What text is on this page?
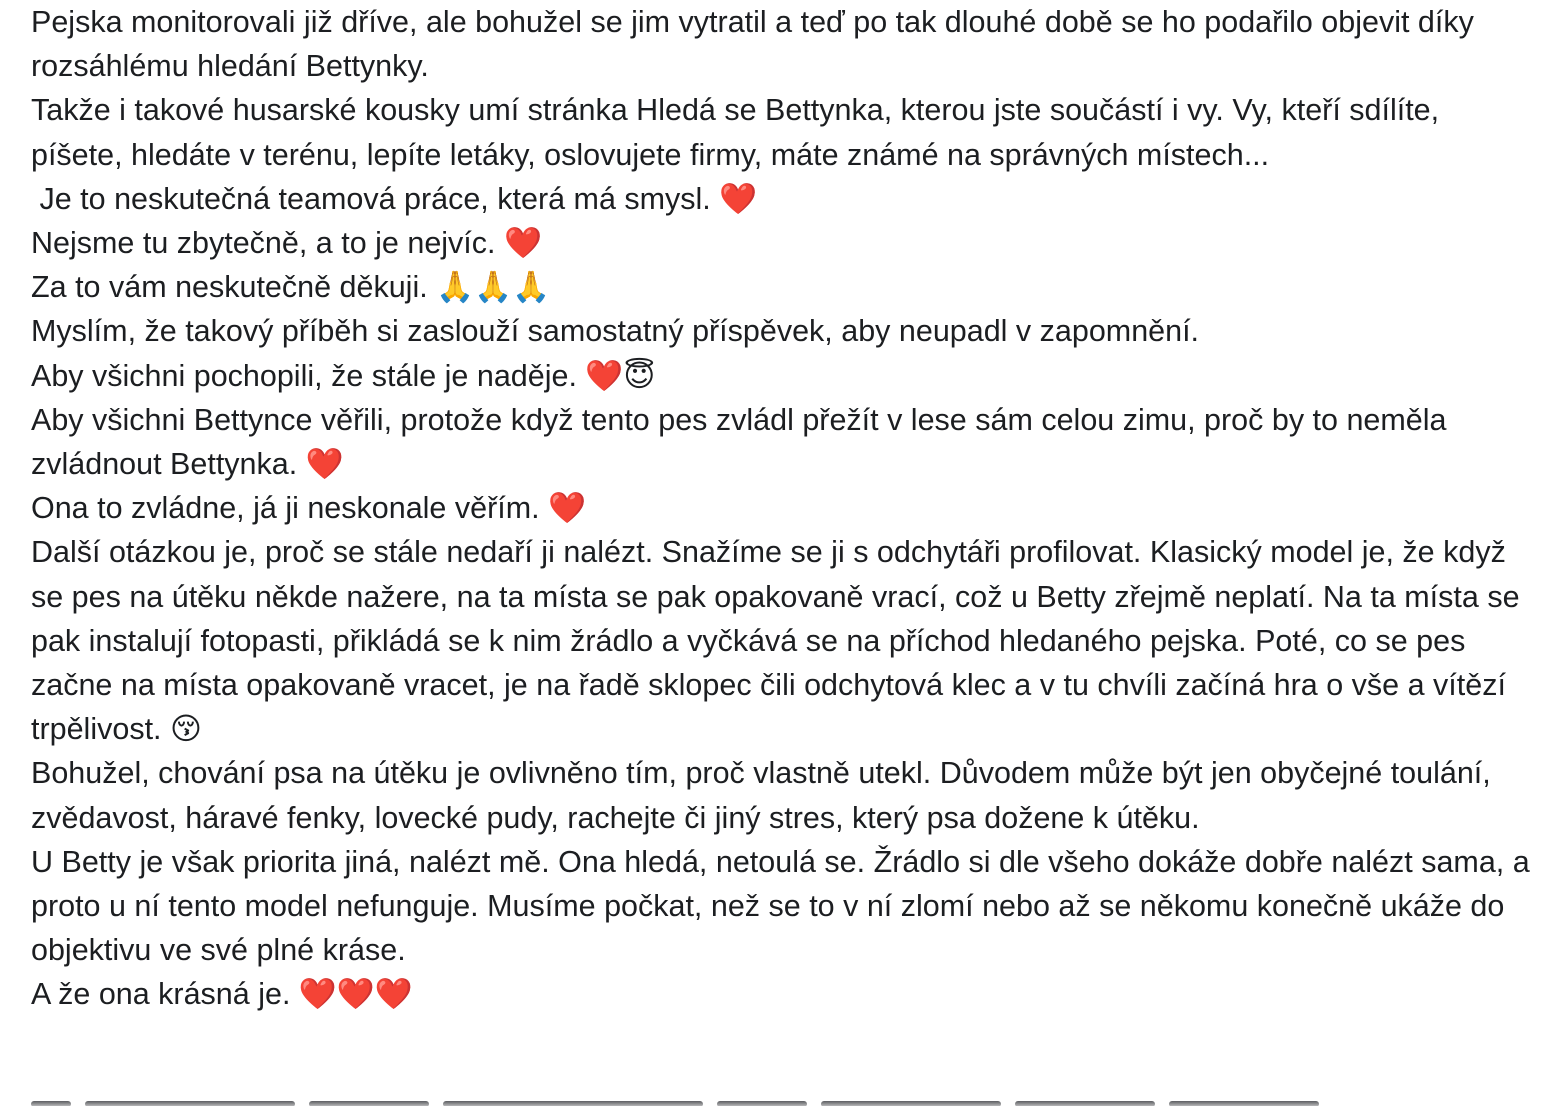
Pejska monitorovali již dříve, ale bohužel se jim vytratil a teď po tak dlouhé době se ho podařilo objevit díky rozsáhlému hledání Bettynky.

Takže i takové husarské kousky umí stránka Hledá se Bettynka, kterou jste součástí i vy. Vy, kteří sdílíte, píšete, hledáte v terénu, lepíte letáky, oslovujete firmy, máte známé na správných místech...

Je to neskutečná teamová práce, která má smysl. ❤️

Nejsme tu zbytečně, a to je nejvíc. ❤️

Za to vám neskutečně děkuji. 🙏🙏🙏

Myslím, že takový příběh si zaslouží samostatný příspěvek, aby neupadl v zapomnění.

Aby všichni pochopili, že stále je naděje. ❤️😇

Aby všichni Bettynce věřili, protože když tento pes zvládl přežít v lese sám celou zimu, proč by to neměla zvládnout Bettynka. ❤️

Ona to zvládne, já ji neskonale věřím. ❤️

Další otázkou je, proč se stále nedaří ji nalézt. Snažíme se ji s odchytáři profilovat. Klasický model je, že když se pes na útěku někde nažere, na ta místa se pak opakovaně vrací, což u Betty zřejmě neplatí. Na ta místa se pak instalují fotopasti, přikládá se k nim žrádlo a vyčkává se na příchod hledaného pejska. Poté, co se pes začne na místa opakovaně vracet, je na řadě sklopec čili odchytová klec a v tu chvíli začíná hra o vše a vítězí trpělivost. 😚

Bohužel, chování psa na útěku je ovlivněno tím, proč vlastně utekl. Důvodem může být jen obyčejné toulání, zvědavost, háravé fenky, lovecké pudy, rachejte či jiný stres, který psa dožene k útěku.

U Betty je však priorita jiná, nalézt mě. Ona hledá, netoulá se. Žrádlo si dle všeho dokáže dobře nalézt sama, a proto u ní tento model nefunguje. Musíme počkat, než se to v ní zlomí nebo až se někomu konečně ukáže do objektivu ve své plné kráse.

A že ona krásná je. ❤️❤️❤️
